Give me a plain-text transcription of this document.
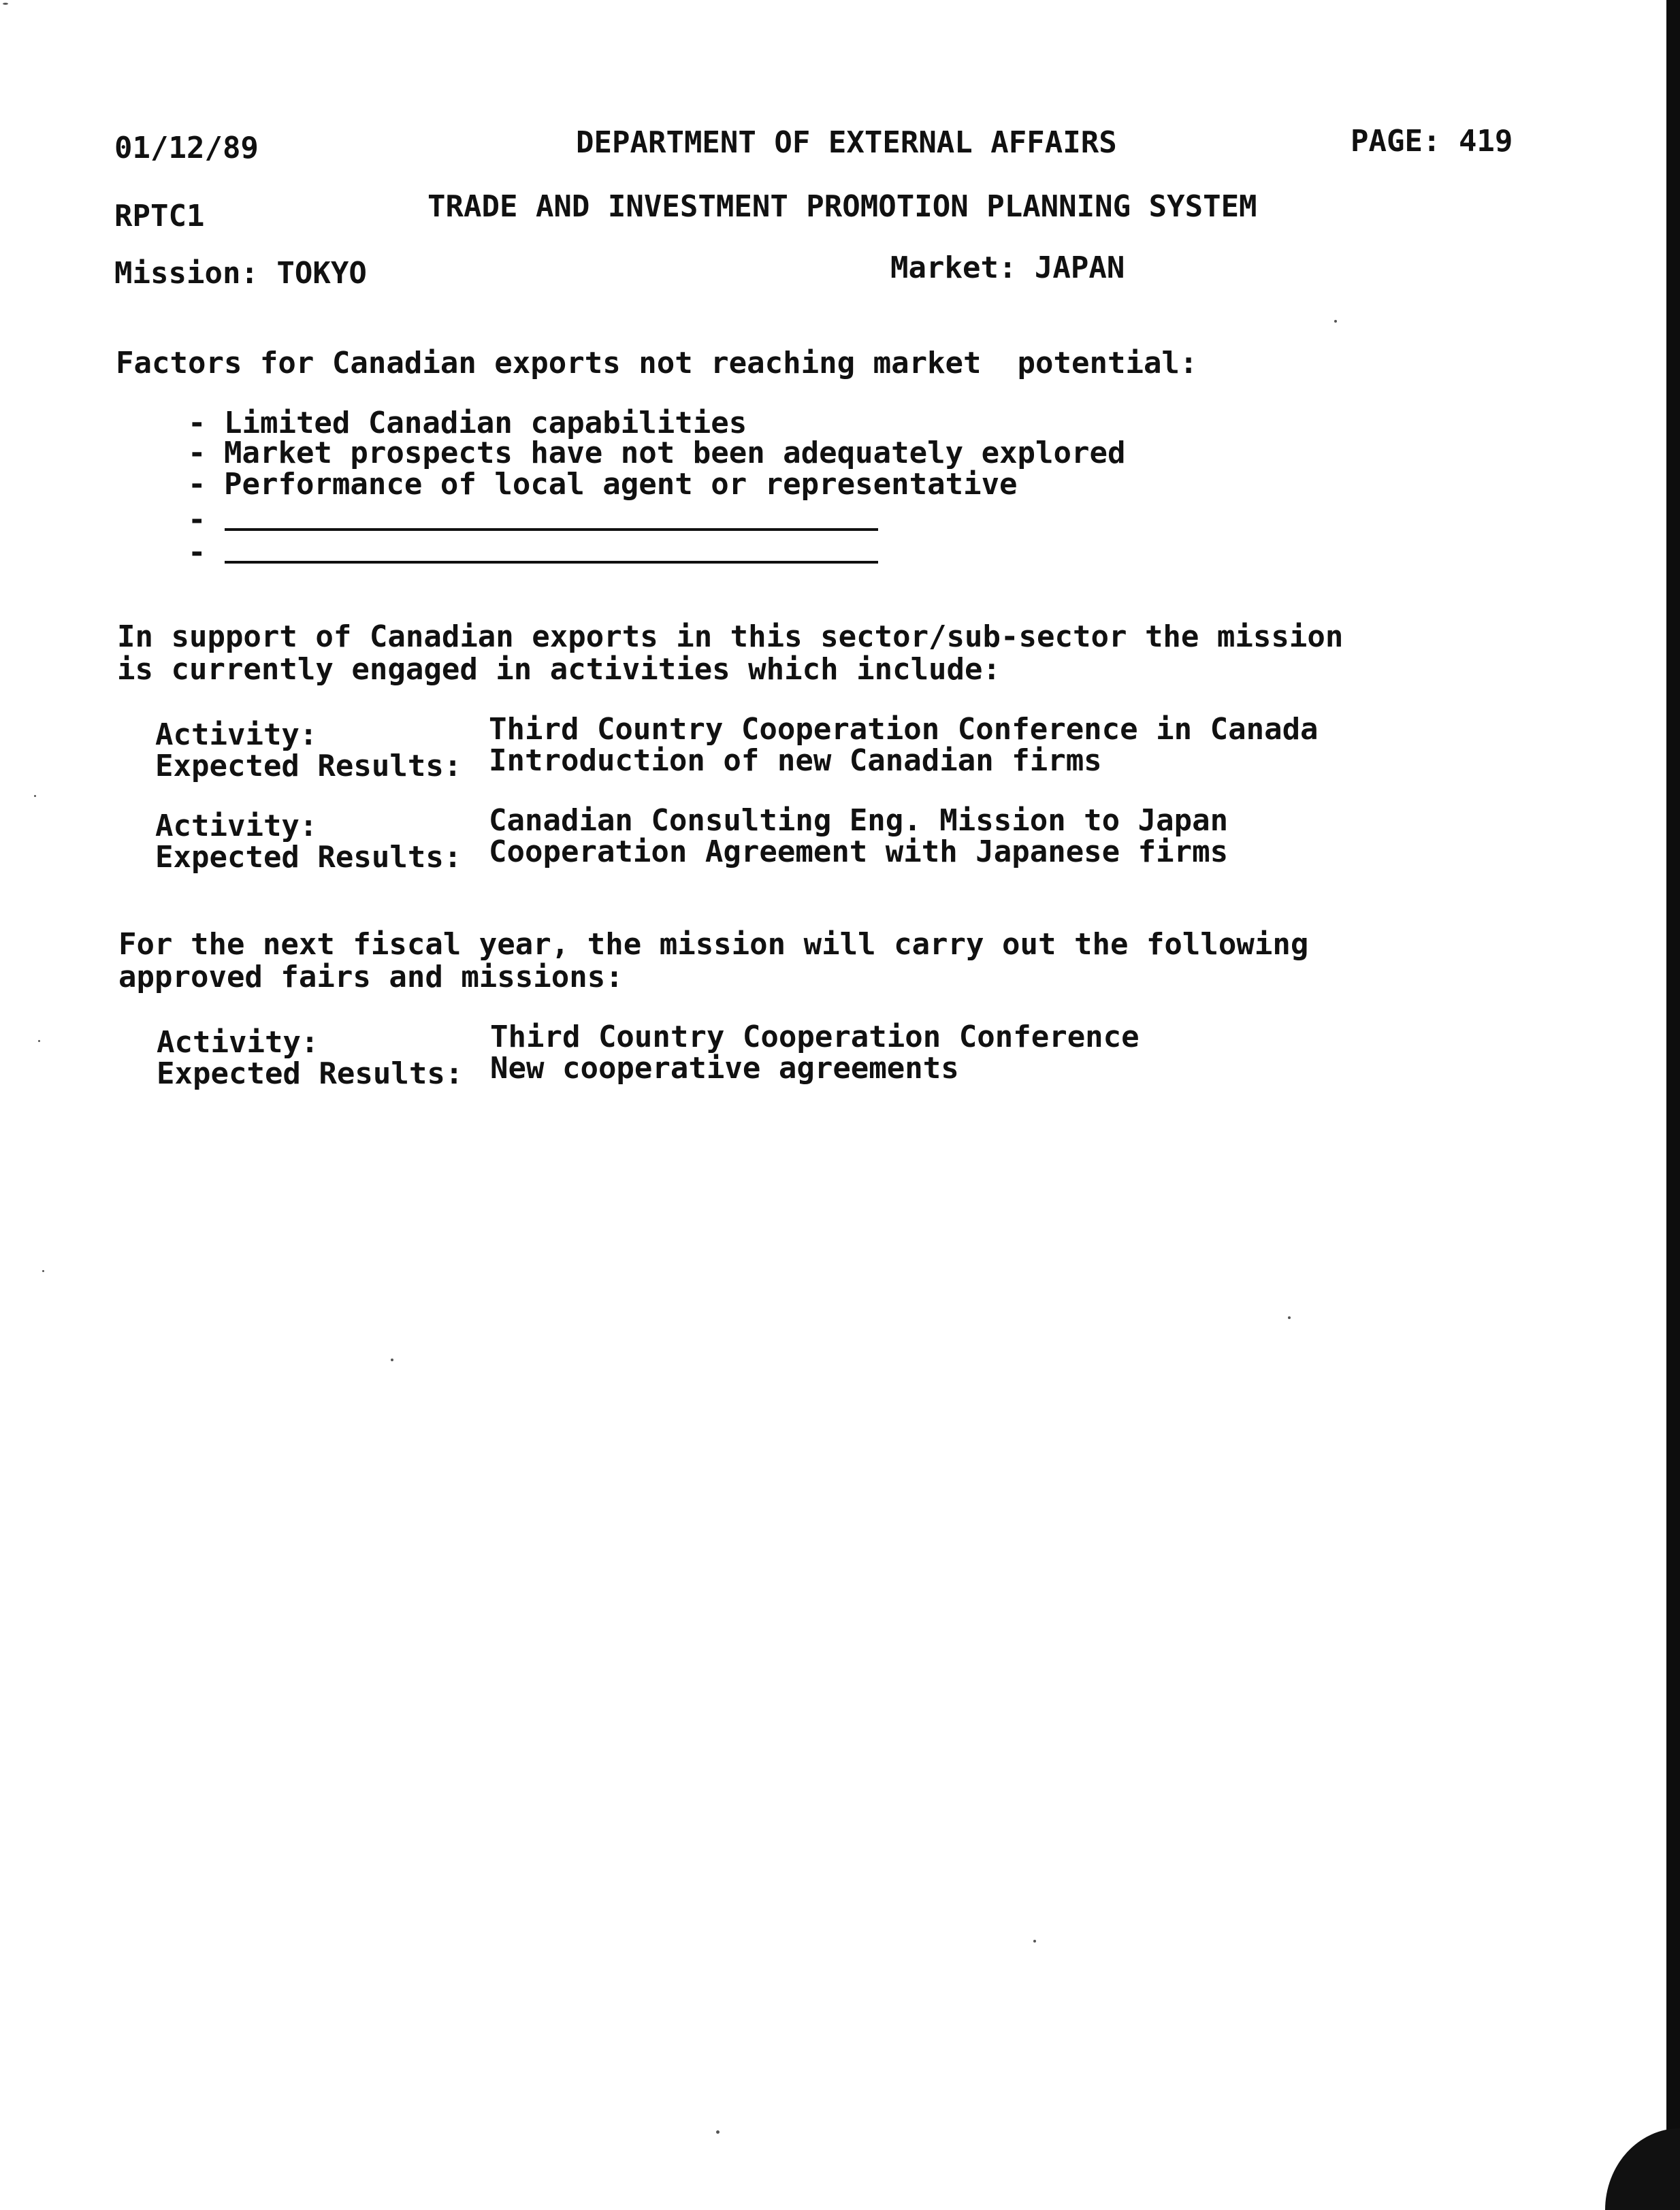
01/12/89	DEPARTMENT OF EXTERNAL AFFAIRS	PAGE: 419
RPTC1	TRADE AND INVESTMENT PROMOTION PLANNING SYSTEM
Mission: TOKYO	Market: JAPAN
Factors for Canadian exports not reaching market  potential:
- Limited Canadian capabilities
- Market prospects have not been adequately explored
- Performance of local agent or representative
-
-
In support of Canadian exports in this sector/sub-sector the mission
is currently engaged in activities which include:
Activity:	Third Country Cooperation Conference in Canada
Expected Results: Introduction of new Canadian firms
Activity:	Canadian Consulting Eng. Mission to Japan
Expected Results: Cooperation Agreement with Japanese firms
For the next fiscal year, the mission will carry out the following
approved fairs and missions:
Activity:	Third Country Cooperation Conference
Expected Results: New cooperative agreements
